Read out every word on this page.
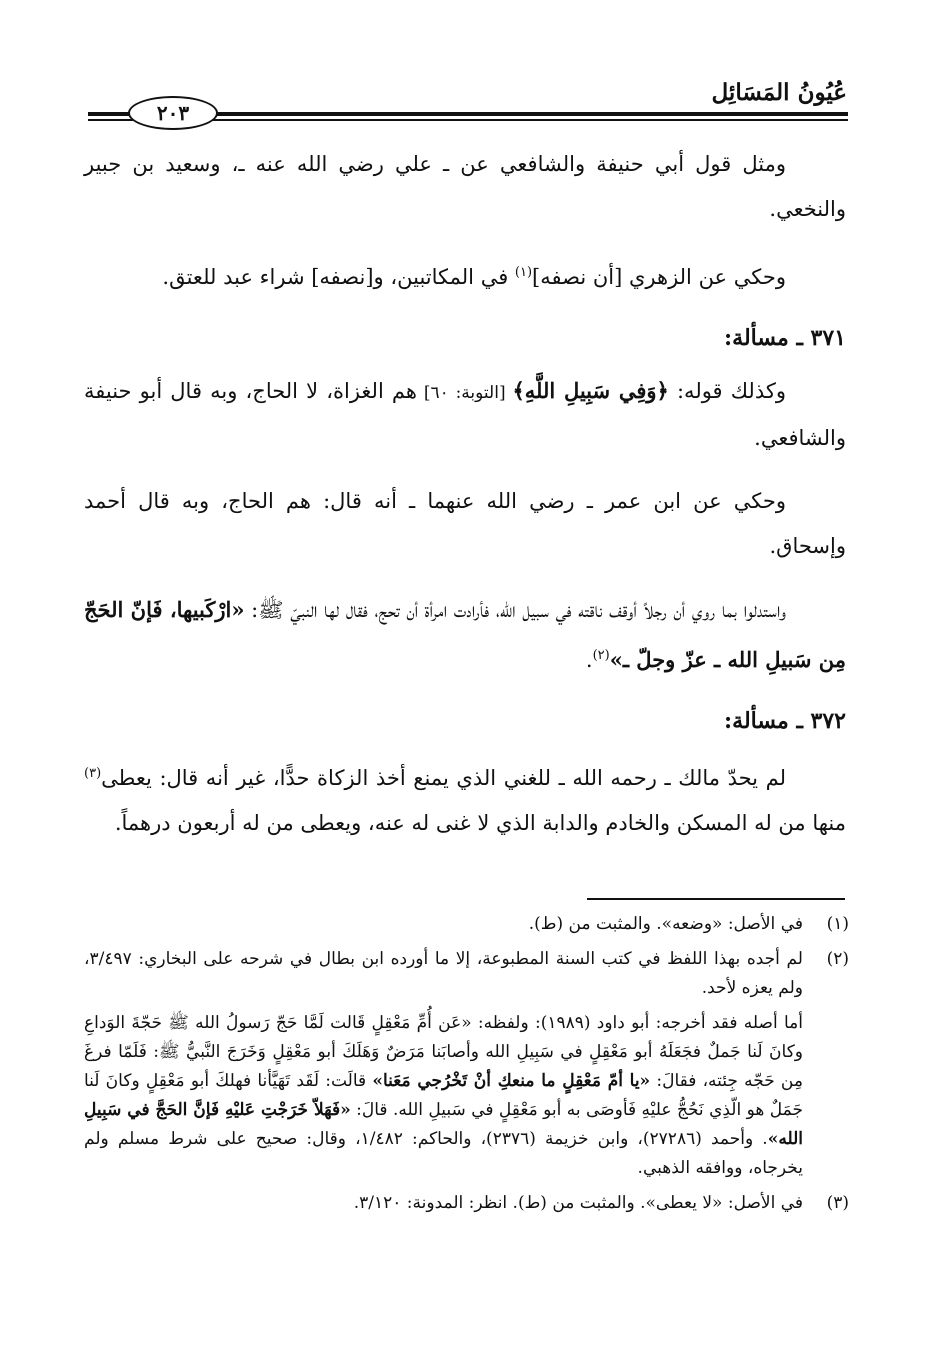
عُيُونُ المَسَائِل
٢٠٣

ومثل قول أبي حنيفة والشافعي عن ـ علي رضي الله عنه ـ، وسعيد بن جبير والنخعي.

وحكي عن الزهري [أن نصفه]$^{(١)}$ في المكاتبين، و[نصفه] شراء عبد للعتق.

٣٧١ ـ مسألة:

وكذلك قوله: ﴿وَفِي سَبِيلِ اللَّهِ﴾ [التوبة: ٦٠] هم الغزاة، لا الحاج، وبه قال أبو حنيفة والشافعي.

وحكي عن ابن عمر ـ رضي الله عنهما ـ أنه قال: هم الحاج، وبه قال أحمد وإسحاق.

واستدلوا بما روي أن رجلاً أوقف ناقته في سبيل الله، فأرادت امرأة أن تحج، فقال لها النبيّ ﷺ: «ارْكَبيها، فَإنّ الحَجّ مِن سَبيلِ الله ـ عزّ وجلّ ـ»$^{(٢)}$.

٣٧٢ ـ مسألة:

لم يحدّ مالك ـ رحمه الله ـ للغني الذي يمنع أخذ الزكاة حدًّا، غير أنه قال: يعطى$^{(٣)}$ منها من له المسكن والخادم والدابة الذي لا غنى له عنه، ويعطى من له أربعون درهماً.

(١)
في الأصل: «وضعه». والمثبت من (ط).
(٢)
لم أجده بهذا اللفظ في كتب السنة المطبوعة، إلا ما أورده ابن بطال في شرحه على البخاري: ٣/٤٩٧، ولم يعزه لأحد.
أما أصله فقد أخرجه: أبو داود (١٩٨٩): ولفظه: «عَن أُمِّ مَعْقِلٍ قَالت لَمَّا حَجّ رَسولُ الله ﷺ حَجّةَ الوَداعِ وكانَ لَنا جَملٌ فجَعَلَهُ أبو مَعْقِلٍ في سَبِيلِ الله وأصابَنا مَرَضٌ وَهَلَكَ أبو مَعْقِلٍ وَخَرَجَ النَّبيُّ ﷺ: فَلَمّا فرغَ مِن حَجّه جِئته، فقالَ: «يا أمّ مَعْقِلٍ ما منعكِ أنْ تَخْرُجي مَعَنا» قالَت: لَقَد تَهَيَّأنا فهلكَ أبو مَعْقِلٍ وكانَ لَنا جَمَلٌ هو الّذِي نَحُجُّ عليْهِ فَأوصَى به أبو مَعْقِلٍ في سَبيلِ الله. قالَ: «فَهَلاّ خَرَجْتِ عَليْهِ فَإنَّ الحَجَّ في سَبِيلِ الله». وأحمد (٢٧٢٨٦)، وابن خزيمة (٢٣٧٦)، والحاكم: ١/٤٨٢، وقال: صحيح على شرط مسلم ولم يخرجاه، ووافقه الذهبي.
(٣)
في الأصل: «لا يعطى». والمثبت من (ط). انظر: المدونة: ٣/١٢٠.
